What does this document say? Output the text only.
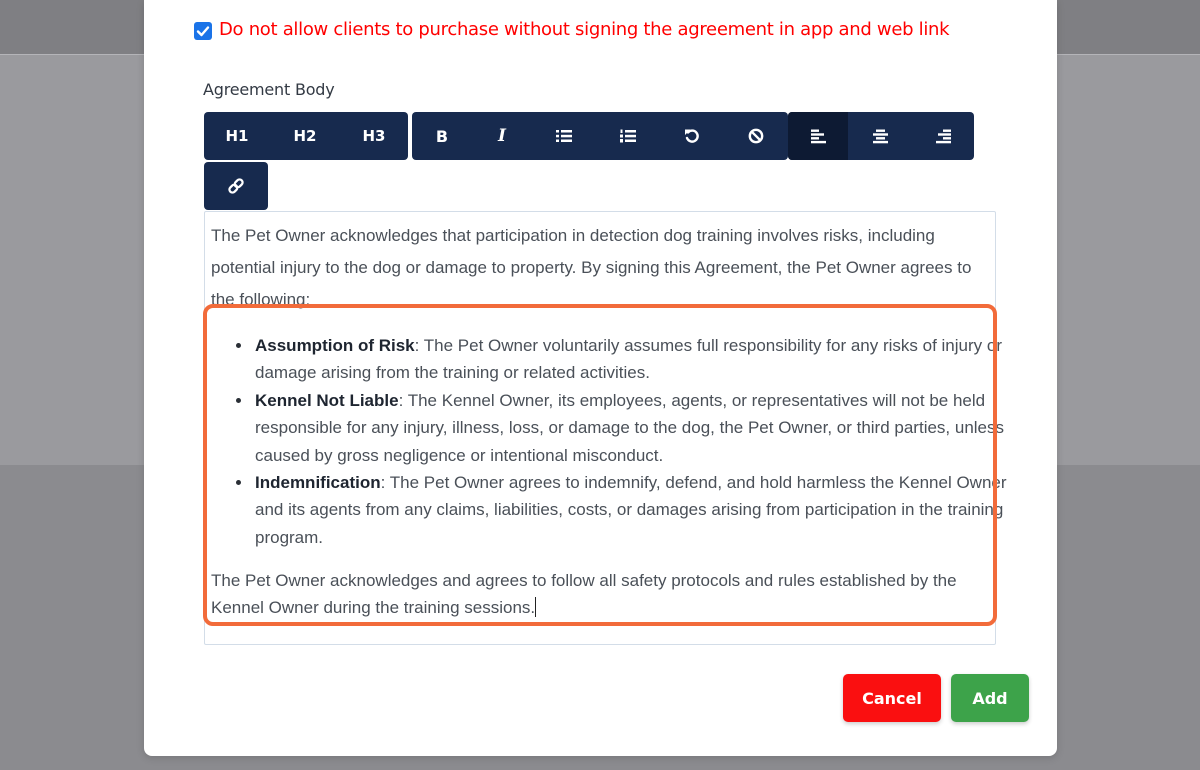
Do not allow clients to purchase without signing the agreement in app and web link
Agreement Body
H1	H2	H3	B	I
The Pet Owner acknowledges that participation in detection dog training involves risks, including potential injury to the dog or damage to property. By signing this Agreement, the Pet Owner agrees to the following:
• Assumption of Risk: The Pet Owner voluntarily assumes full responsibility for any risks of injury or damage arising from the training or related activities.
• Kennel Not Liable: The Kennel Owner, its employees, agents, or representatives will not be held responsible for any injury, illness, loss, or damage to the dog, the Pet Owner, or third parties, unless caused by gross negligence or intentional misconduct.
• Indemnification: The Pet Owner agrees to indemnify, defend, and hold harmless the Kennel Owner and its agents from any claims, liabilities, costs, or damages arising from participation in the training program.
The Pet Owner acknowledges and agrees to follow all safety protocols and rules established by the Kennel Owner during the training sessions.
Cancel	Add
